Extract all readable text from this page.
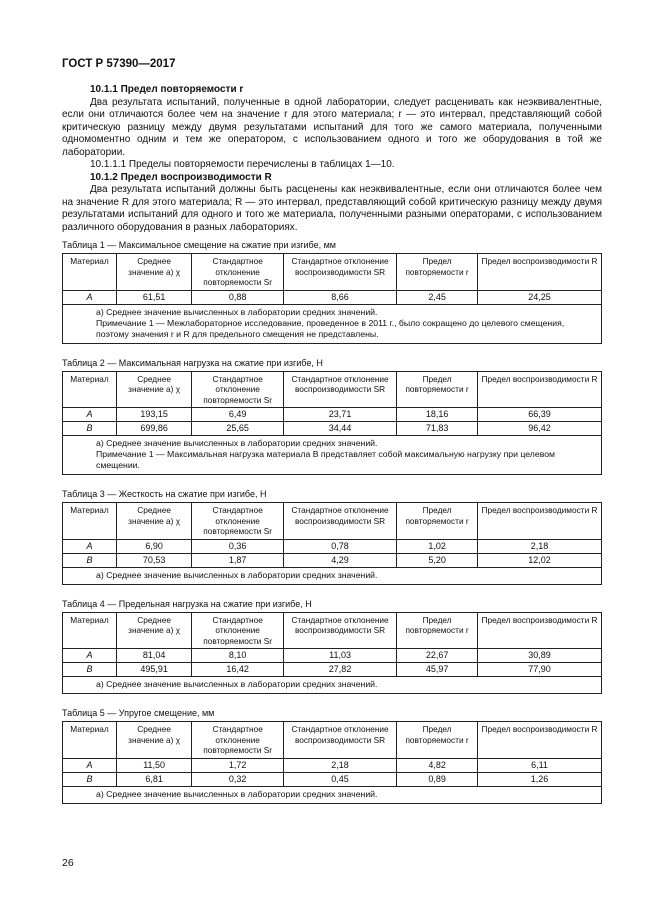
ГОСТ Р 57390—2017
10.1.1 Предел повторяемости r

Два результата испытаний, полученные в одной лаборатории, следует расценивать как неэквивалентные, если они отличаются более чем на значение r для этого материала; r — это интервал, представляющий собой критическую разницу между двумя результатами испытаний для того же самого материала, полученными одномоментно одним и тем же оператором, с использованием одного и того же оборудования в той же лаборатории.

10.1.1.1 Пределы повторяемости перечислены в таблицах 1—10.

10.1.2 Предел воспроизводимости R

Два результата испытаний должны быть расценены как неэквивалентные, если они отличаются более чем на значение R для этого материала; R — это интервал, представляющий собой критическую разницу между двумя результатами испытаний для одного и того же материала, полученными разными операторами, с использованием различного оборудования в разных лабораториях.

Таблица 1 — Максимальное смещение на сжатие при изгибе, мм
Материал	Среднее значение a) χ	Стандартное отклонение повторяемости Sr	Стандартное отклонение воспроизводимости SR	Предел повторяемости r	Предел воспроизводимости R
A	61,51	0,88	8,66	2,45	24,25

a) Среднее значение вычисленных в лаборатории средних значений.
Примечание 1 — Межлабораторное исследование, проведенное в 2011 г., было сокращено до целевого смещения, поэтому значения r и R для предельного смещения не представлены.					
Таблица 2 — Максимальная нагрузка на сжатие при изгибе, Н
Материал	Среднее значение a) χ	Стандартное отклонение повторяемости Sr	Стандартное отклонение воспроизводимости SR	Предел повторяемости r	Предел воспроизводимости R
A	193,15	6,49	23,71	18,16	66,39
B	699,86	25,65	34,44	71,83	96,42

a) Среднее значение вычисленных в лаборатории средних значений.
Примечание 1 — Максимальная нагрузка материала B представляет собой максимальную нагрузку при целевом смещении.					
Таблица 3 — Жесткость на сжатие при изгибе, Н
Материал	Среднее значение a) χ	Стандартное отклонение повторяемости Sr	Стандартное отклонение воспроизводимости SR	Предел повторяемости r	Предел воспроизводимости R
A	6,90	0,36	0,78	1,02	2,18
B	70,53	1,87	4,29	5,20	12,02

a) Среднее значение вычисленных в лаборатории средних значений.					
Таблица 4 — Предельная нагрузка на сжатие при изгибе, Н
Материал	Среднее значение a) χ	Стандартное отклонение повторяемости Sr	Стандартное отклонение воспроизводимости SR	Предел повторяемости r	Предел воспроизводимости R
A	81,04	8,10	11,03	22,67	30,89
B	495,91	16,42	27,82	45,97	77,90

a) Среднее значение вычисленных в лаборатории средних значений.					
Таблица 5 — Упругое смещение, мм
Материал	Среднее значение a) χ	Стандартное отклонение повторяемости Sr	Стандартное отклонение воспроизводимости SR	Предел повторяемости r	Предел воспроизводимости R
A	11,50	1,72	2,18	4,82	6,11
B	6,81	0,32	0,45	0,89	1,26

a) Среднее значение вычисленных в лаборатории средних значений.					
26
